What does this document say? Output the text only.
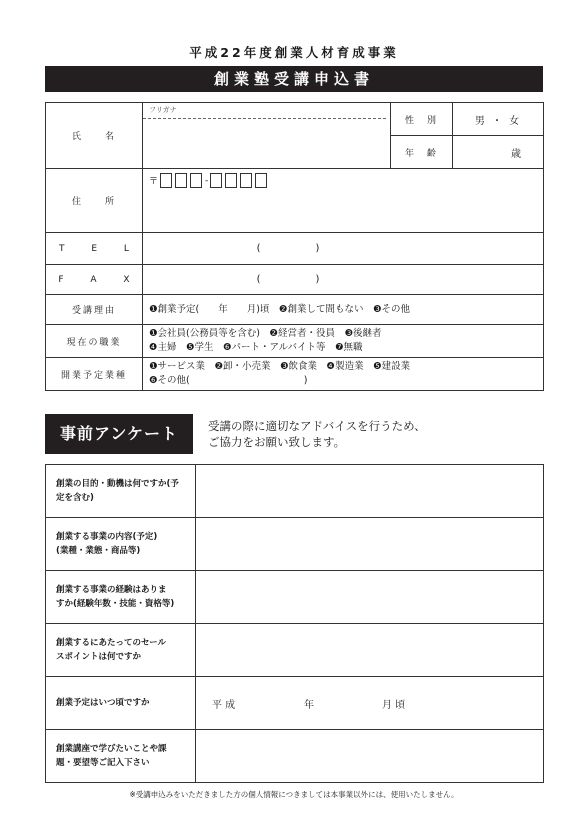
平成22年度創業人材育成事業
創業塾受講申込書
氏　　名	フリガナ	性　別	男 ・ 女
		年　齢	歳
住　　所	〒 -		

T E L	( )		

F A X	( )		

受講理由	❶創業予定(　　年　　月)頃　❷創業して間もない　❸その他		
現在の職業	❶会社員(公務員等を含む)　❷経営者・役員　❸後継者
❹主婦　❺学生　❻パート・アルバイト等　❼無職		

開業予定業種	❶サービス業　❷卸・小売業　❸飲食業　❹製造業　❺建設業
❻その他(　　　　　　　　　　　　)		
事前アンケート	受講の際に適切なアドバイスを行うため、
ご協力をお願い致します。
創業の目的・動機は何ですか(予定を含む)	

創業する事業の内容(予定)
(業種・業態・商品等)	

創業する事業の経験はありま
すか(経験年数・技能・資格等)	

創業するにあたってのセール
スポイントは何ですか	

創業予定はいつ頃ですか	平 成 年 月 頃

創業講座で学びたいことや課
題・要望等ご記入下さい	

※受講申込みをいただきました方の個人情報につきましては本事業以外には、使用いたしません。
